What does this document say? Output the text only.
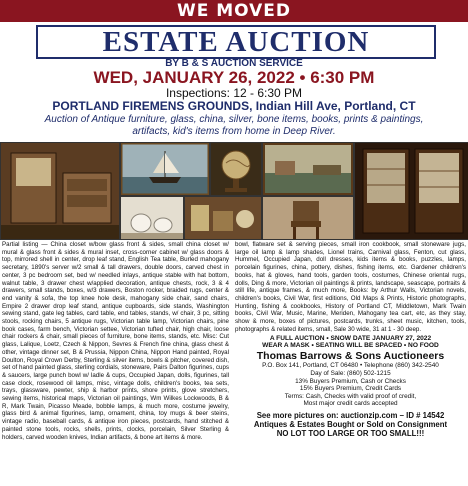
WE MOVED
ESTATE AUCTION
BY B & S AUCTION SERVICE
WED, JANUARY 26, 2022 • 6:30 PM
Inspections: 12 - 6:30 PM
PORTLAND FIREMENS GROUNDS, Indian Hill Ave, Portland, CT
Auction of Antique furniture, glass, china, silver, bone items, books, prints & paintings, artifacts, kid's items from home in Deep River.
Partial listing — China closet w/bow glass front & sides, small china closet w/ mural & glass front & sides & mural inset, cross-corner cabinet w/ glass doors & top, mirrored shell in center, drop leaf stand, English Tea table, Burled mahogany secretary, 1890's server w/2 small & tall drawers, double doors, carved chest in center, 3 pc bedroom set, bed w/ needled inlays, antique stable with hat bottom, walnut table, 3 drawer chest w/applied decoration, antique chests, rock, 3 & 4 drawers, small stands, boxes, w/3 drawers, Boston rocker, braided rugs, center & end vanity & sofa, the top knee hole desk, mahogany side chair, sand chairs, Empire 2 drawer drop leaf stand, antique cupboards, side stands, Washington sewing stand, gate leg tables, card table, end tables, stands, w/ chair, 3 pc, sitting stools, rocking chairs, 5 antique rugs, Victorian table lamp, Victorian chairs, pine book cases, farm bench, Victorian settee, Victorian tufted chair, high chair, loose chair rockers & chair, small pieces of furniture, bone items, stands, etc. Misc: Cut glass, Lalique, Loetz, Czech & Nippon, Sevres & French fine china, glass chest & other, vintage dinner set, B & Prussia, Nippon China, Nippon Hand painted, Royal Doulton, Royal Crown Derby, Sterling & silver items, bowls & pitcher, covered dish, set of hand painted glass, sterling cordials, stoneware, Pairs Dalton figurines, cups & saucers, large punch bowl w/ ladle & cups, Occupied Japan, dolls, figurines, tall case clock, rosewood oil lamps, misc, vintage dolls, children's books, tea sets, trays, glassware, pewter, ship & harbor prints, shore prints, glove stretchers, sewing items, historical maps, Victorian oil paintings, Wm Wilkes Lockwoods, B & R, Mark Twain, Picasso Meade, bobble lamps, & much more, costume jewelry, glass bird & animal figurines, lamp, ornament, china, toy mugs & beer steins, vintage radio, baseball cards, & antique iron pieces, postcards, hand stitched & painted stone tools, rocks, shells, prints, clocks, porcelain, Silver Sterling & holders, carved wooden knives, Indian artifacts, & bone art items & more.

bowl, flatware set & serving pieces, small iron cookbook, small stoneware jugs, large oil lamp & lamp shades, Lionel trains, Carnival glass, Fenton, cut glass, Hummel, Occupied Japan, doll dresses, kids items & books, puzzles, lamps, porcelain figurines, china, pottery, dishes, fishing items, etc. Gardener children's books, hat & gloves, hand tools, garden tools, costumes, Chinese oriental rugs, dolls, Ding & more, Victorian oil paintings & prints, landscape, seascape, portraits & still life, antique frames, & much more, Books: by Arthur Walls, Victorian novels, children's books, Civil War, first editions, Old Maps & Prints, Historic photographs, Hunting, fishing & cookbooks, History of Portland CT, Middletown, Mark Twain books, Civil War, Music, Marine, Meriden, Mahogany tea cart, etc, as they stay, show & more, boxes of pictures, postcards, trunks, sheet music, kitchen, tools, photographs & related items, small, Sale 30 wide, 31 at 1 - 30 deep.

A FULL AUCTION • SNOW DATE JANUARY 27, 2022
WEAR A MASK • SEATING WILL BE SPACED • NO FOOD
Thomas Barrows & Sons Auctioneers
P.O. Box 141, Portland, CT 06480 • Telephone (860) 342-2540
Day of Sale: (860) 502-1215
13% Buyers Premium, Cash or Checks
15% Buyers Premium, Credit Cards
Terms: Cash, Checks with valid proof of credit,
Most major credit cards accepted
See more pictures on: auctionzip.com – ID # 14542
Antiques & Estates Bought or Sold on Consignment
NO LOT TOO LARGE OR TOO SMALL!!!
